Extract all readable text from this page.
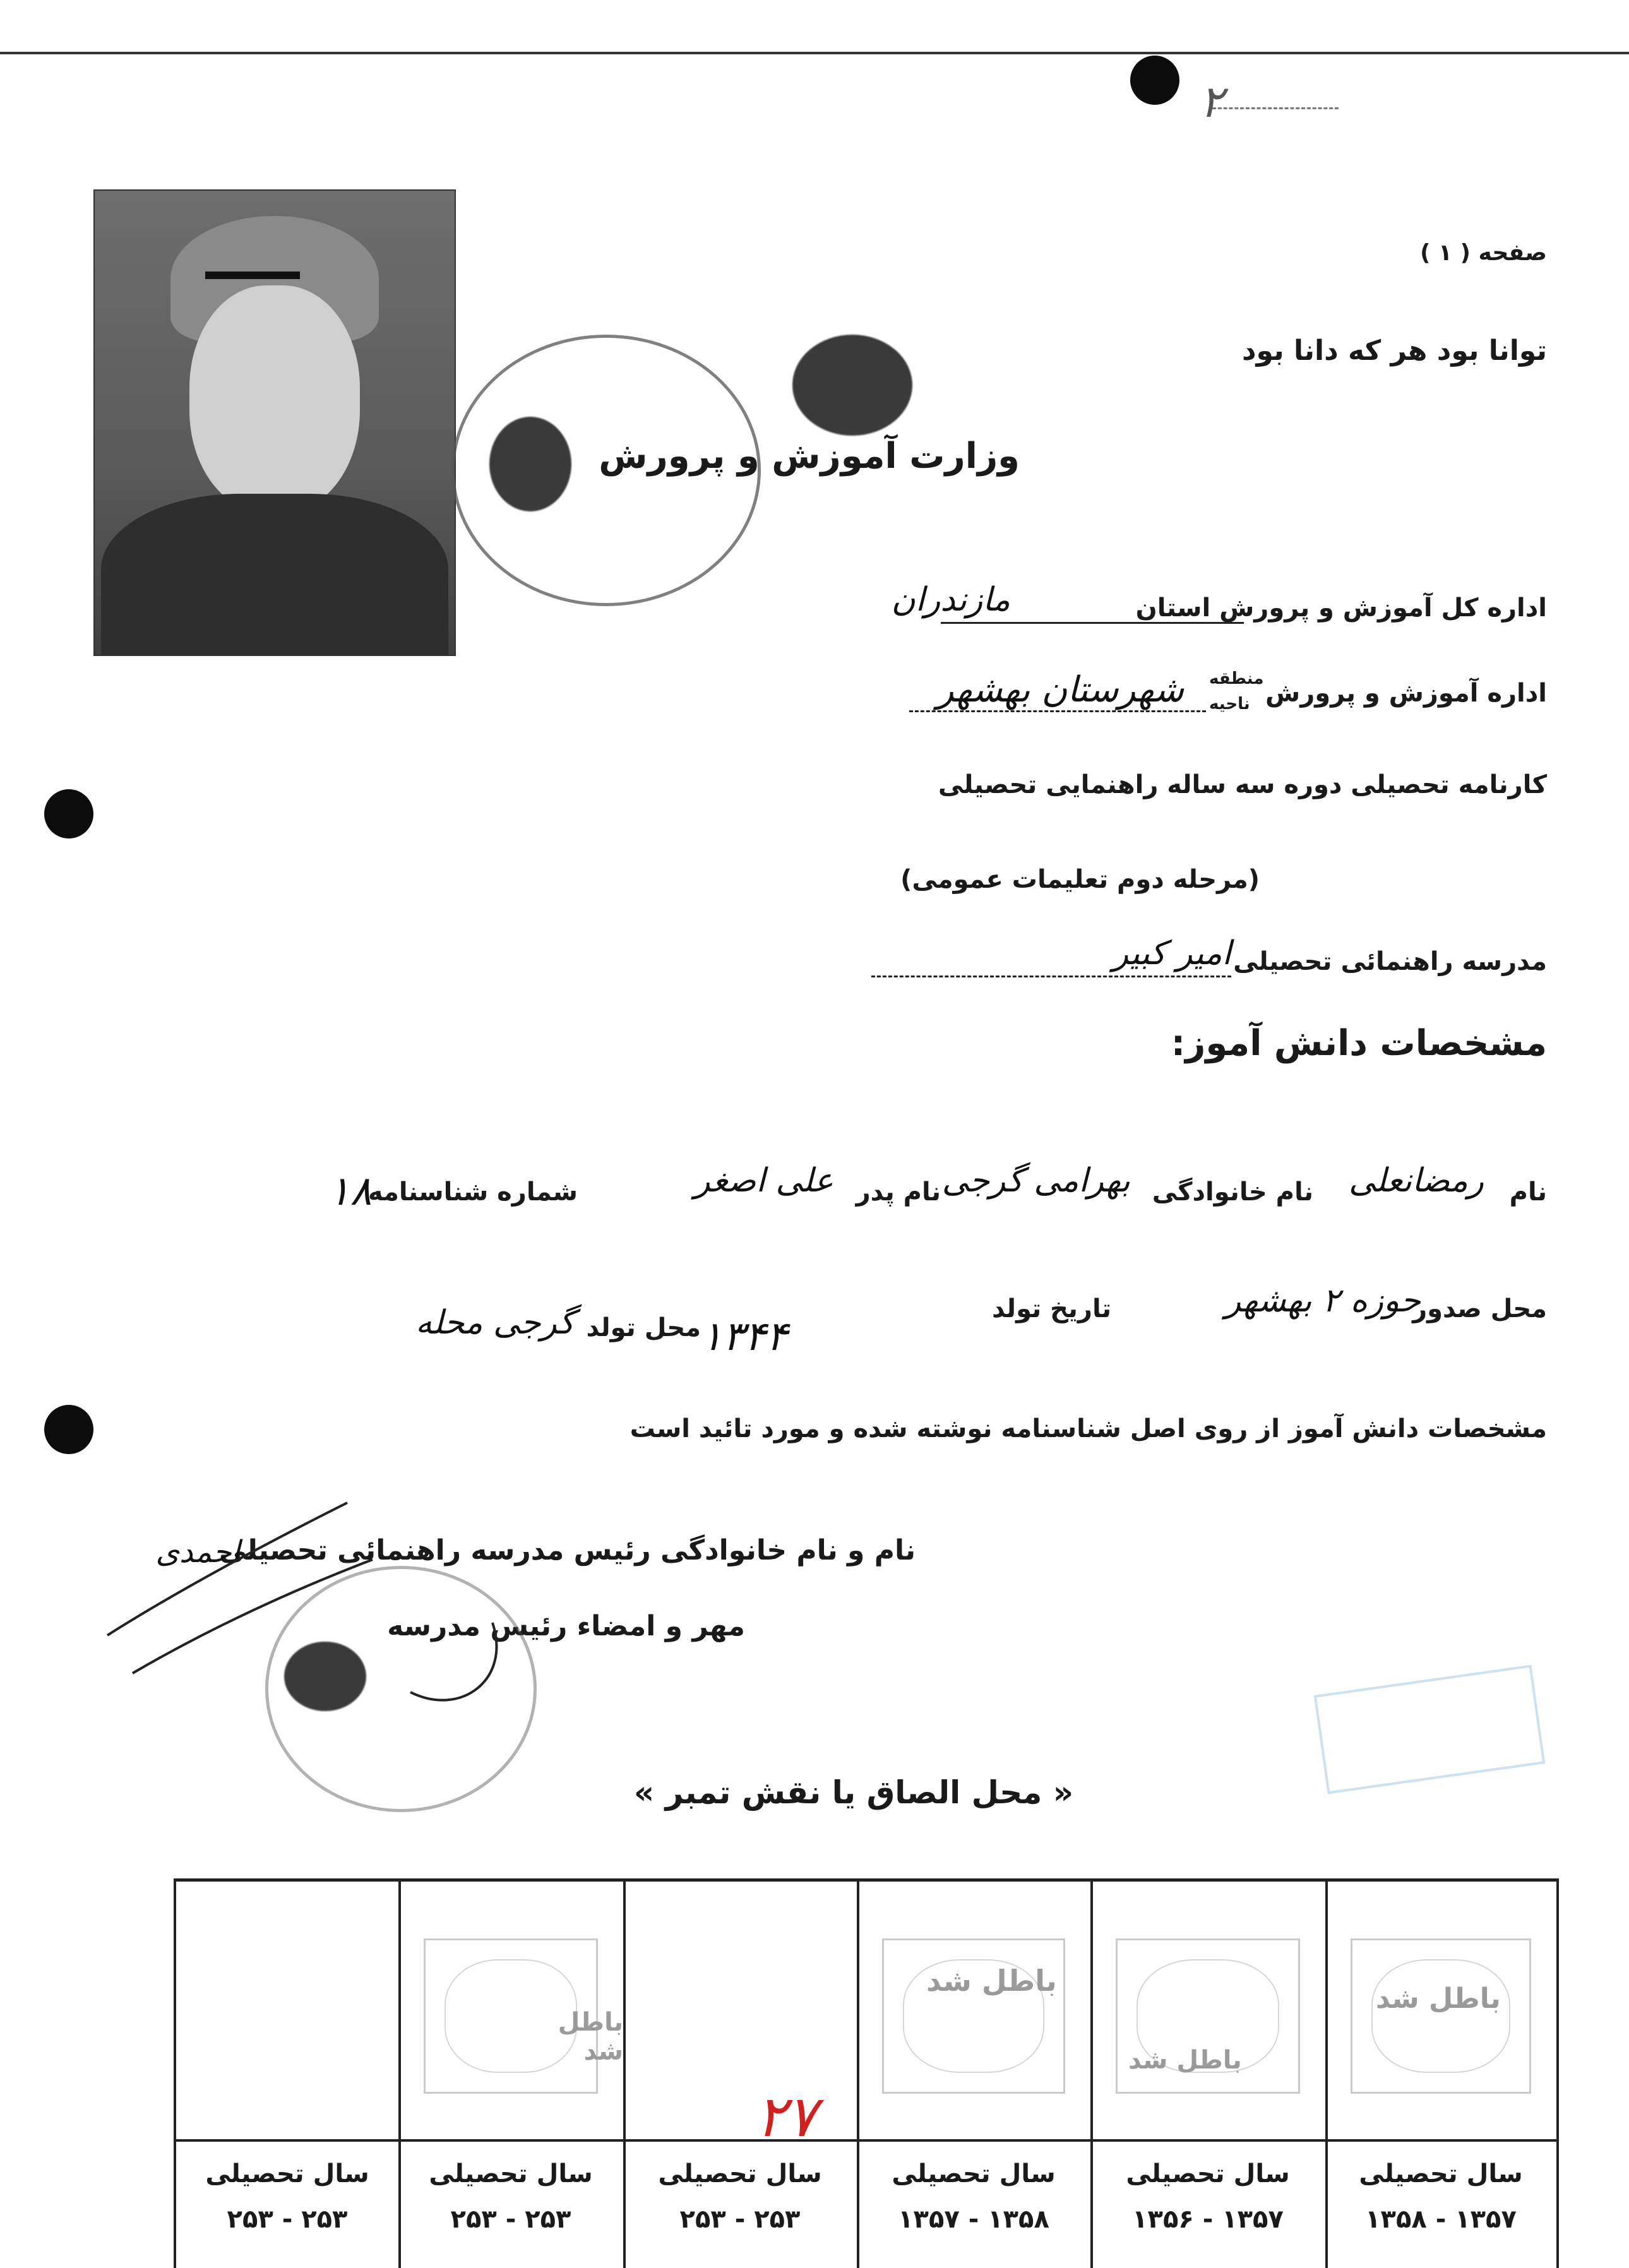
۲
صفحه ( ۱ )
توانا بود هر که دانا بود
وزارت آموزش و پرورش
اداره کل آموزش و پرورش استان
مازندران
اداره آموزش و پرورش
منطقه
ناحیه
شهرستان بهشهر
کارنامه تحصیلی دوره سه ساله راهنمایی تحصیلی
(مرحله دوم تعلیمات عمومی)
مدرسه راهنمائی تحصیلی
امیر کبیر
مشخصات دانش آموز:
نام
رمضانعلی
نام خانوادگی
بهرامی گرجی
نام پدر
علی اصغر
شماره شناسنامه
۱۸
محل صدور
حوزه ۲ بهشهر
تاریخ تولد
۱۳۴۴
محل تولد
گرجی محله
مشخصات دانش آموز از روی اصل شناسنامه نوشته شده و مورد تائید است
نام و نام خانوادگی رئیس مدرسه راهنمائی تحصیلی
احمدی
مهر و امضاء رئیس مدرسه
« محل الصاق یا نقش تمبر »
سال تحصیلی
۲۵۳ - ۲۵۳
باطل شد
سال تحصیلی
۲۵۳ - ۲۵۳
۲۷
سال تحصیلی
۲۵۳ - ۲۵۳
باطل شد
سال تحصیلی
۱۳۵۷ - ۱۳۵۸
باطل شد
سال تحصیلی
۱۳۵۶ - ۱۳۵۷
باطل شد
سال تحصیلی
۱۳۵۸ - ۱۳۵۷
